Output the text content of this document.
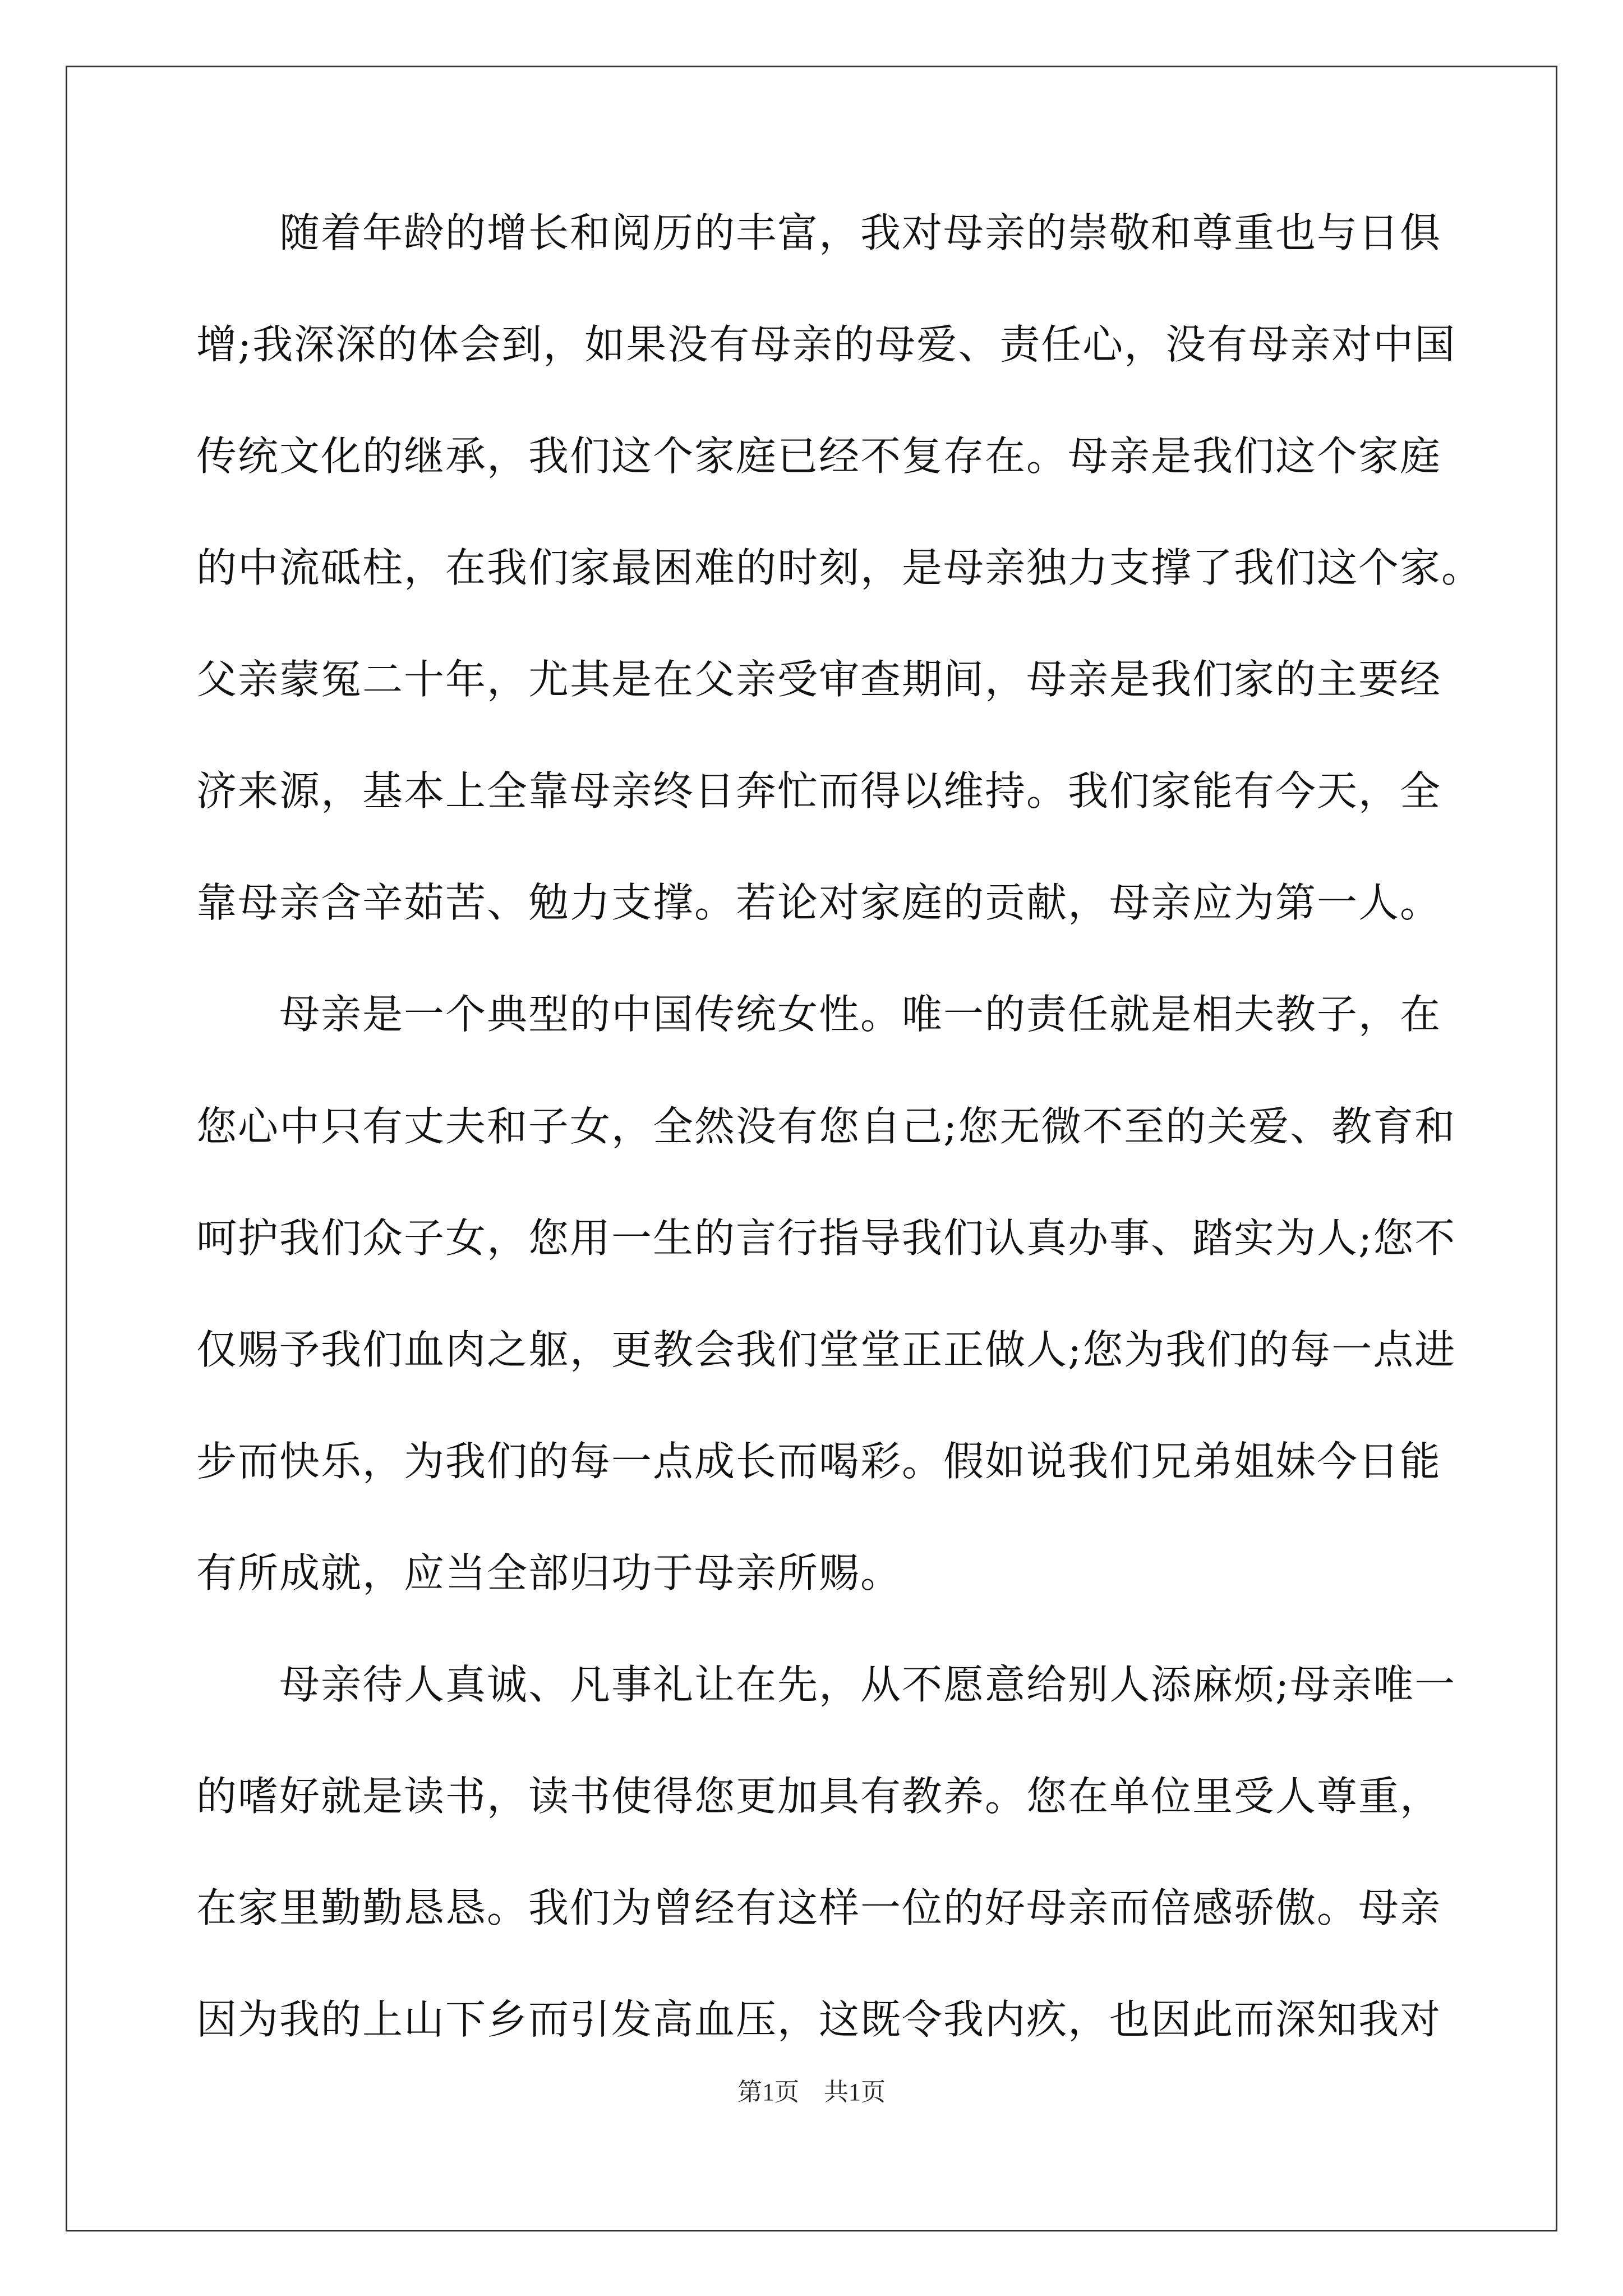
　　随着年龄的增长和阅历的丰富，我对母亲的崇敬和尊重也与日俱

增;我深深的体会到，如果没有母亲的母爱、责任心，没有母亲对中国

传统文化的继承，我们这个家庭已经不复存在。母亲是我们这个家庭

的中流砥柱，在我们家最困难的时刻，是母亲独力支撑了我们这个家。

父亲蒙冤二十年，尤其是在父亲受审查期间，母亲是我们家的主要经

济来源，基本上全靠母亲终日奔忙而得以维持。我们家能有今天，全

靠母亲含辛茹苦、勉力支撑。若论对家庭的贡献，母亲应为第一人。

　　母亲是一个典型的中国传统女性。唯一的责任就是相夫教子，在

您心中只有丈夫和子女，全然没有您自己;您无微不至的关爱、教育和

呵护我们众子女，您用一生的言行指导我们认真办事、踏实为人;您不

仅赐予我们血肉之躯，更教会我们堂堂正正做人;您为我们的每一点进

步而快乐，为我们的每一点成长而喝彩。假如说我们兄弟姐妹今日能

有所成就，应当全部归功于母亲所赐。

　　母亲待人真诚、凡事礼让在先，从不愿意给别人添麻烦;母亲唯一

的嗜好就是读书，读书使得您更加具有教养。您在单位里受人尊重，

在家里勤勤恳恳。我们为曾经有这样一位的好母亲而倍感骄傲。母亲

因为我的上山下乡而引发高血压，这既令我内疚，也因此而深知我对

第1页　共1页
